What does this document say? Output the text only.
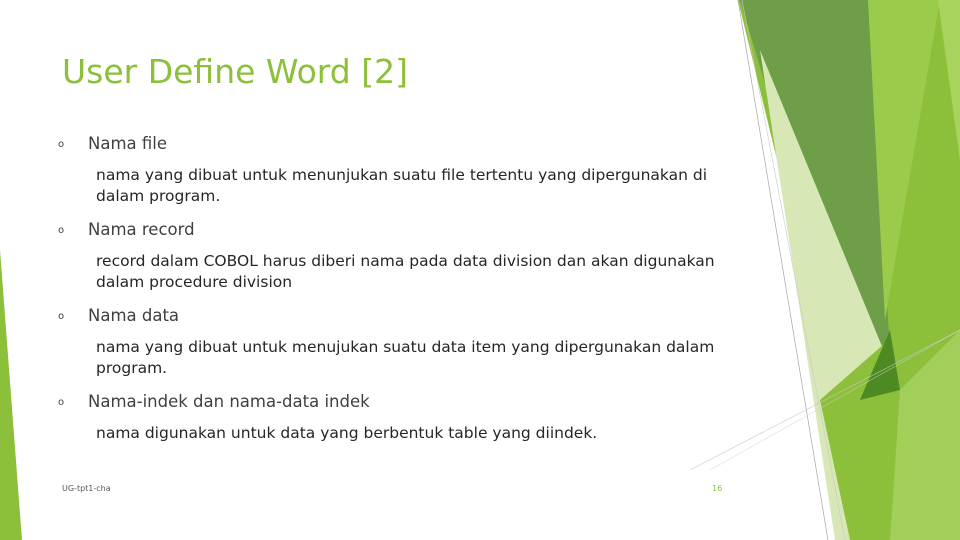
User Define Word [2]
o Nama file
nama yang dibuat untuk menunjukan suatu file tertentu yang dipergunakan di dalam program.
o Nama record
record dalam COBOL harus diberi nama pada data division dan akan digunakan dalam procedure division
o Nama data
nama yang dibuat untuk menujukan suatu data item yang dipergunakan dalam program.
o Nama-indek dan nama-data indek
nama digunakan untuk data yang berbentuk table yang diindek.
UG-tpt1-cha	16
